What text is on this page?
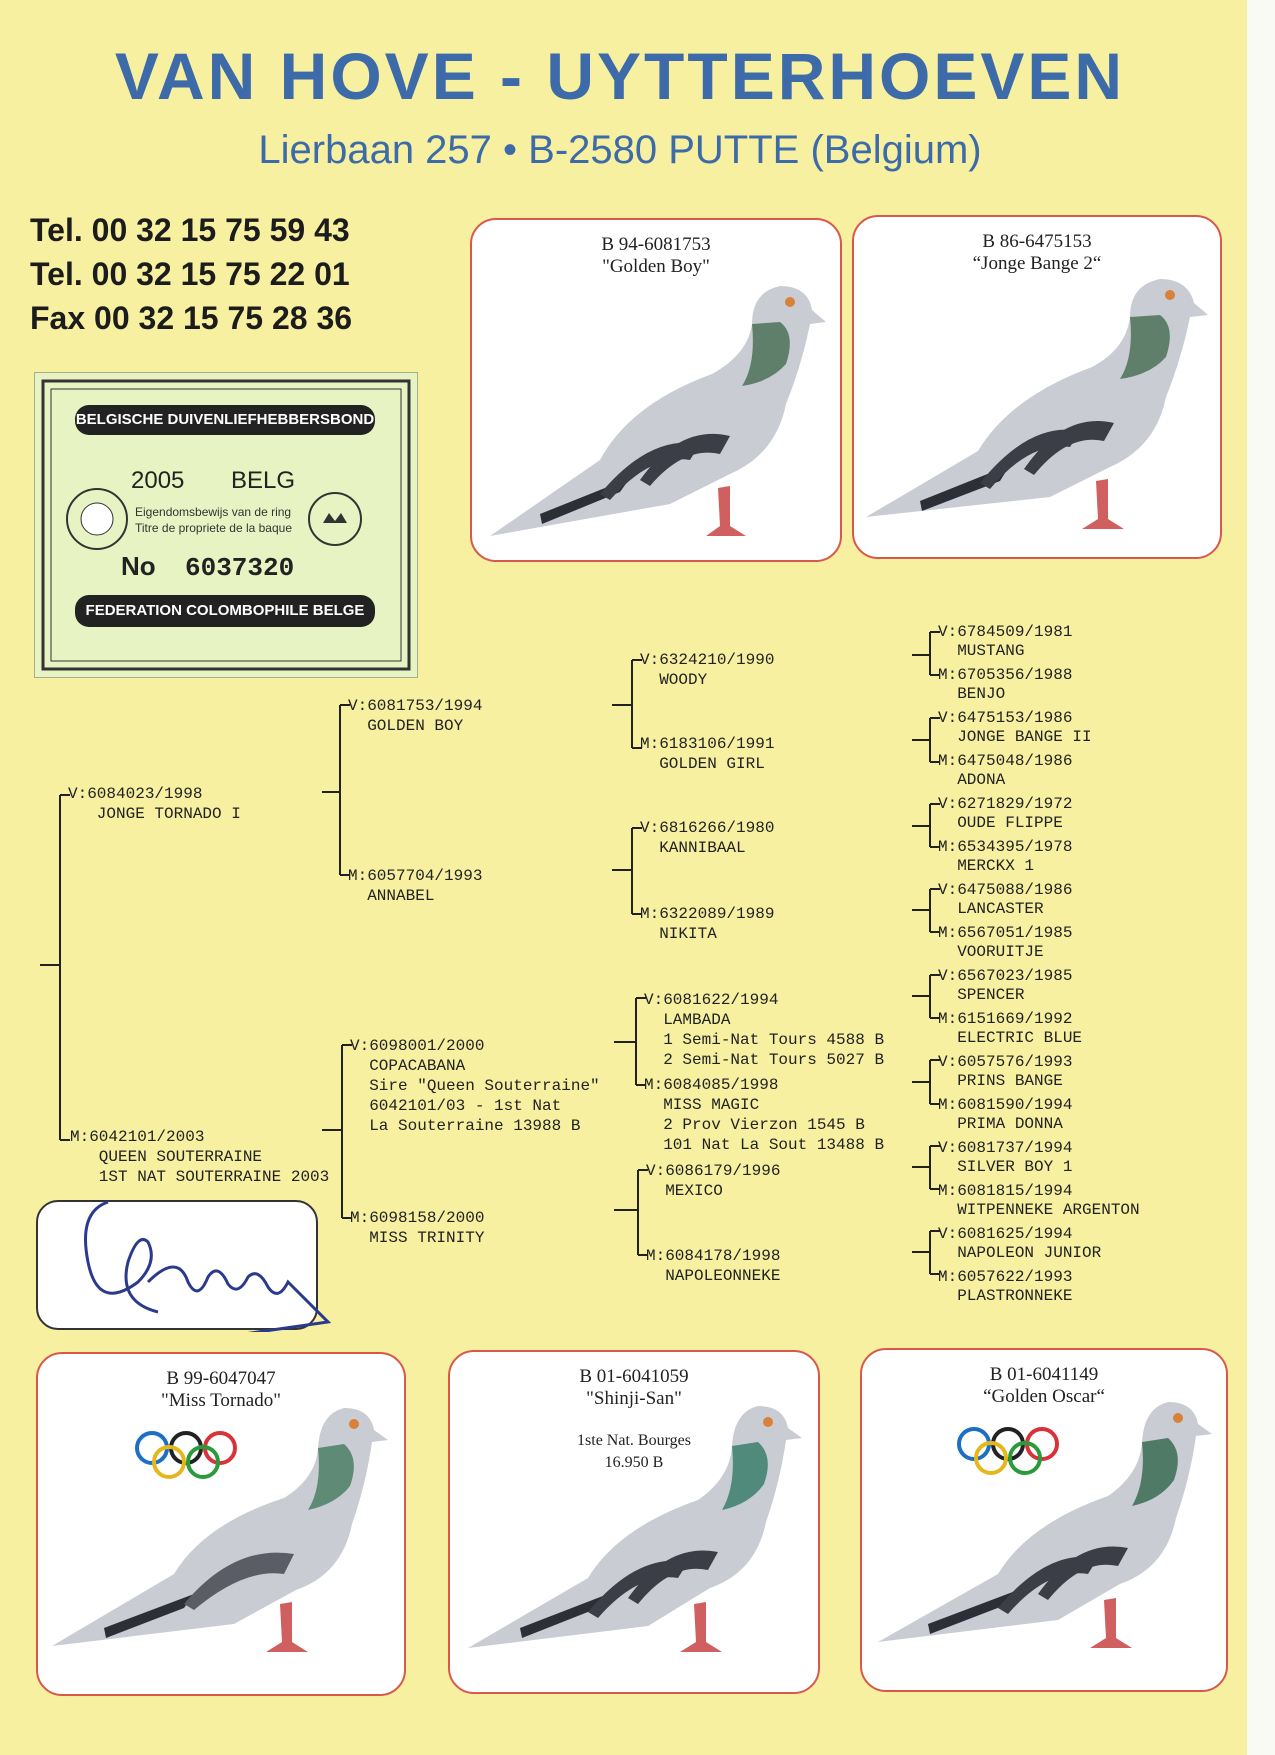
VAN HOVE - UYTTERHOEVEN
Lierbaan 257 • B-2580 PUTTE (Belgium)
Tel. 00 32 15 75 59 43
Tel. 00 32 15 75 22 01
Fax 00 32 15 75 28 36
BELGISCHE DUIVENLIEFHEBBERSBOND
2005 BELG
Eigendomsbewijs van de ring
Titre de propriete de la baque
No 6037320
FEDERATION COLOMBOPHILE BELGE
B 94-6081753
"Golden Boy"
B 86-6475153
“Jonge Bange 2“
V:6084023/1998
JONGE TORNADO I
M:6042101/2003
QUEEN SOUTERRAINE
1ST NAT SOUTERRAINE 2003
V:6081753/1994
GOLDEN BOY
M:6057704/1993
ANNABEL
V:6098001/2000
COPACABANA
Sire "Queen Souterraine"
6042101/03 - 1st Nat
La Souterraine 13988 B
M:6098158/2000
MISS TRINITY
V:6324210/1990
WOODY
M:6183106/1991
GOLDEN GIRL
V:6816266/1980
KANNIBAAL
M:6322089/1989
NIKITA
V:6081622/1994
LAMBADA
1 Semi-Nat Tours 4588 B
2 Semi-Nat Tours 5027 B
M:6084085/1998
MISS MAGIC
2 Prov Vierzon 1545 B
101 Nat La Sout 13488 B
V:6086179/1996
MEXICO
M:6084178/1998
NAPOLEONNEKE
V:6784509/1981
MUSTANG
M:6705356/1988
BENJO
V:6475153/1986
JONGE BANGE II
M:6475048/1986
ADONA
V:6271829/1972
OUDE FLIPPE
M:6534395/1978
MERCKX 1
V:6475088/1986
LANCASTER
M:6567051/1985
VOORUITJE
V:6567023/1985
SPENCER
M:6151669/1992
ELECTRIC BLUE
V:6057576/1993
PRINS BANGE
M:6081590/1994
PRIMA DONNA
V:6081737/1994
SILVER BOY 1
M:6081815/1994
WITPENNEKE ARGENTON
V:6081625/1994
NAPOLEON JUNIOR
M:6057622/1993
PLASTRONNEKE
B 99-6047047
"Miss Tornado"
B 01-6041059
"Shinji-San"
1ste Nat. Bourges
16.950 B
B 01-6041149
“Golden Oscar“
